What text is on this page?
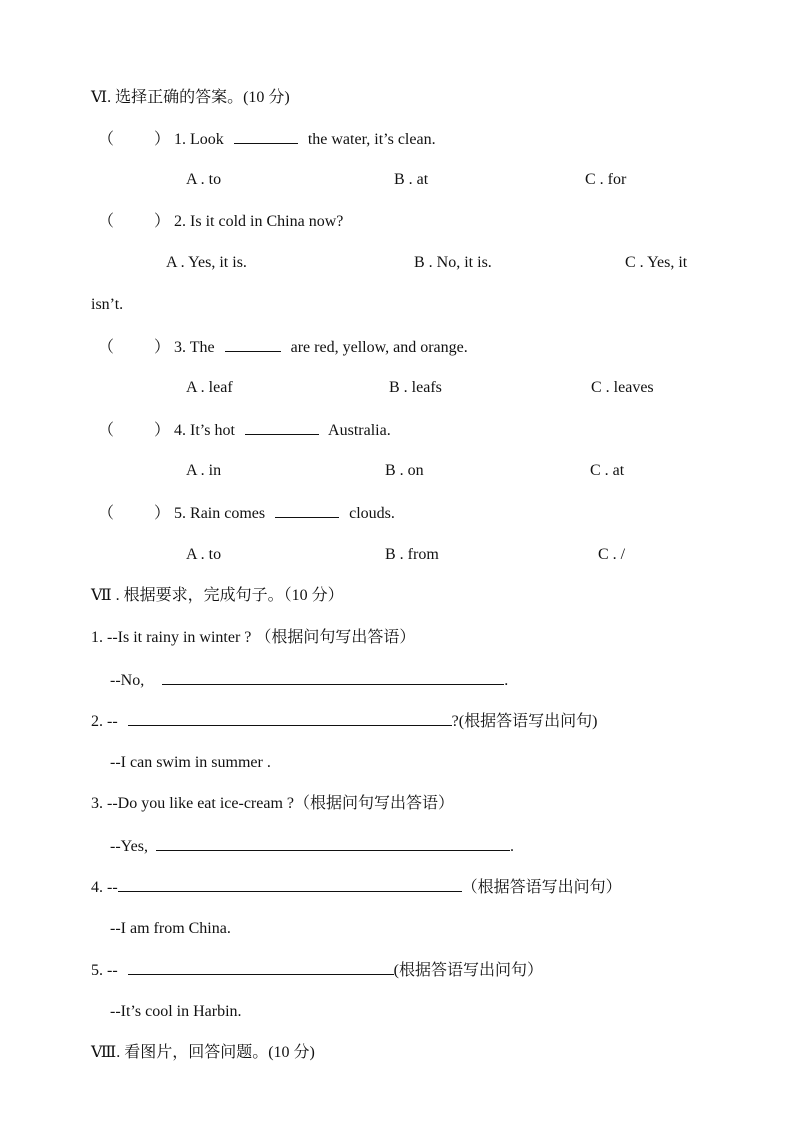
Ⅵ. 选择正确的答案。(10 分)
（	） 1. Look	the water, it’s clean.
A . to	B . at	C . for
（	） 2. Is it cold in China now?
A . Yes, it is.	B . No, it is.	C . Yes, it
isn’t.
（	） 3. The	are red, yellow, and orange.
A . leaf	B . leafs	C . leaves
（	） 4. It’s hot	Australia.
A . in	B . on	C . at
（	） 5. Rain comes	clouds.
A . to	B . from	C . /
Ⅶ . 根据要求，完成句子。（10 分）
1. --Is it rainy in winter ? （根据问句写出答语）
--No,	.
2. --	?(根据答语写出问句)
--I can swim in summer .
3. --Do you like eat ice-cream ?（根据问句写出答语）
--Yes,	.
4. --	（根据答语写出问句）
--I am from China.
5. --	(根据答语写出问句）
--It’s cool in Harbin.
Ⅷ. 看图片，回答问题。(10 分)
